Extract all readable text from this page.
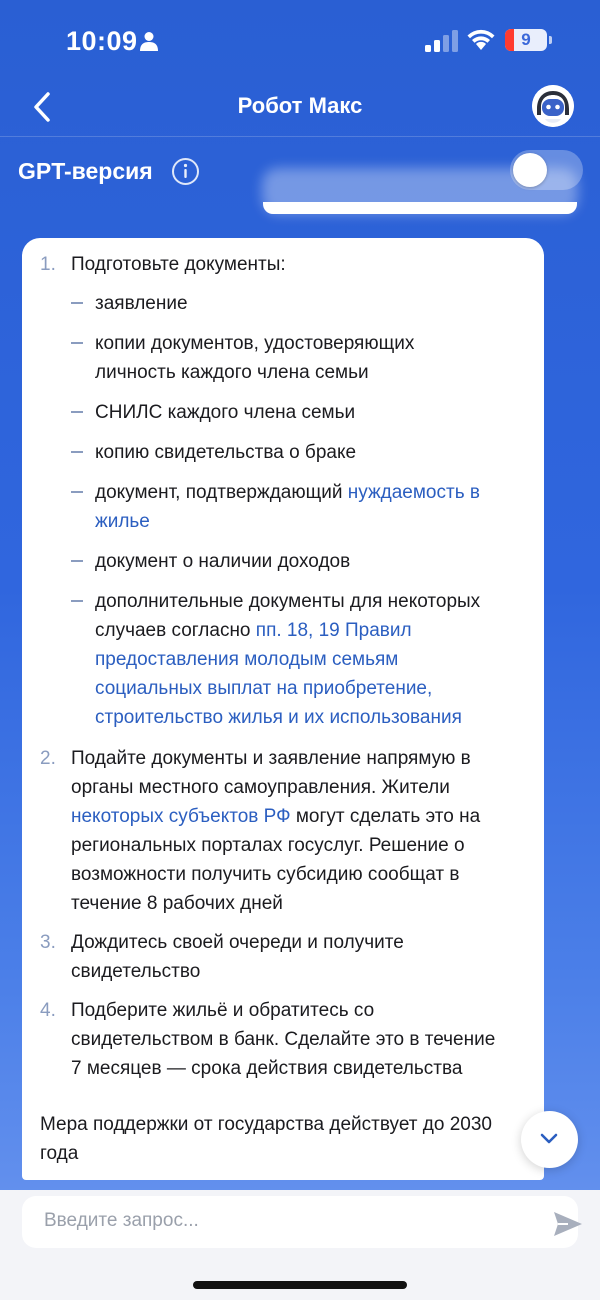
10:09	9
Робот Макс
GPT-версия
1. Подготовьте документы:
заявление
копии документов, удостоверяющих
личность каждого члена семьи
СНИЛС каждого члена семьи
копию свидетельства о браке
документ, подтверждающий нуждаемость в
жилье
документ о наличии доходов
дополнительные документы для некоторых
случаев согласно пп. 18, 19 Правил
предоставления молодым семьям
социальных выплат на приобретение,
строительство жилья и их использования
2. Подайте документы и заявление напрямую в
органы местного самоуправления. Жители
некоторых субъектов РФ могут сделать это на
региональных порталах госуслуг. Решение о
возможности получить субсидию сообщат в
течение 8 рабочих дней
3. Дождитесь своей очереди и получите
свидетельство
4. Подберите жильё и обратитесь со
свидетельством в банк. Сделайте это в течение
7 месяцев — срока действия свидетельства
Мера поддержки от государства действует до 2030 года
Введите запрос...
